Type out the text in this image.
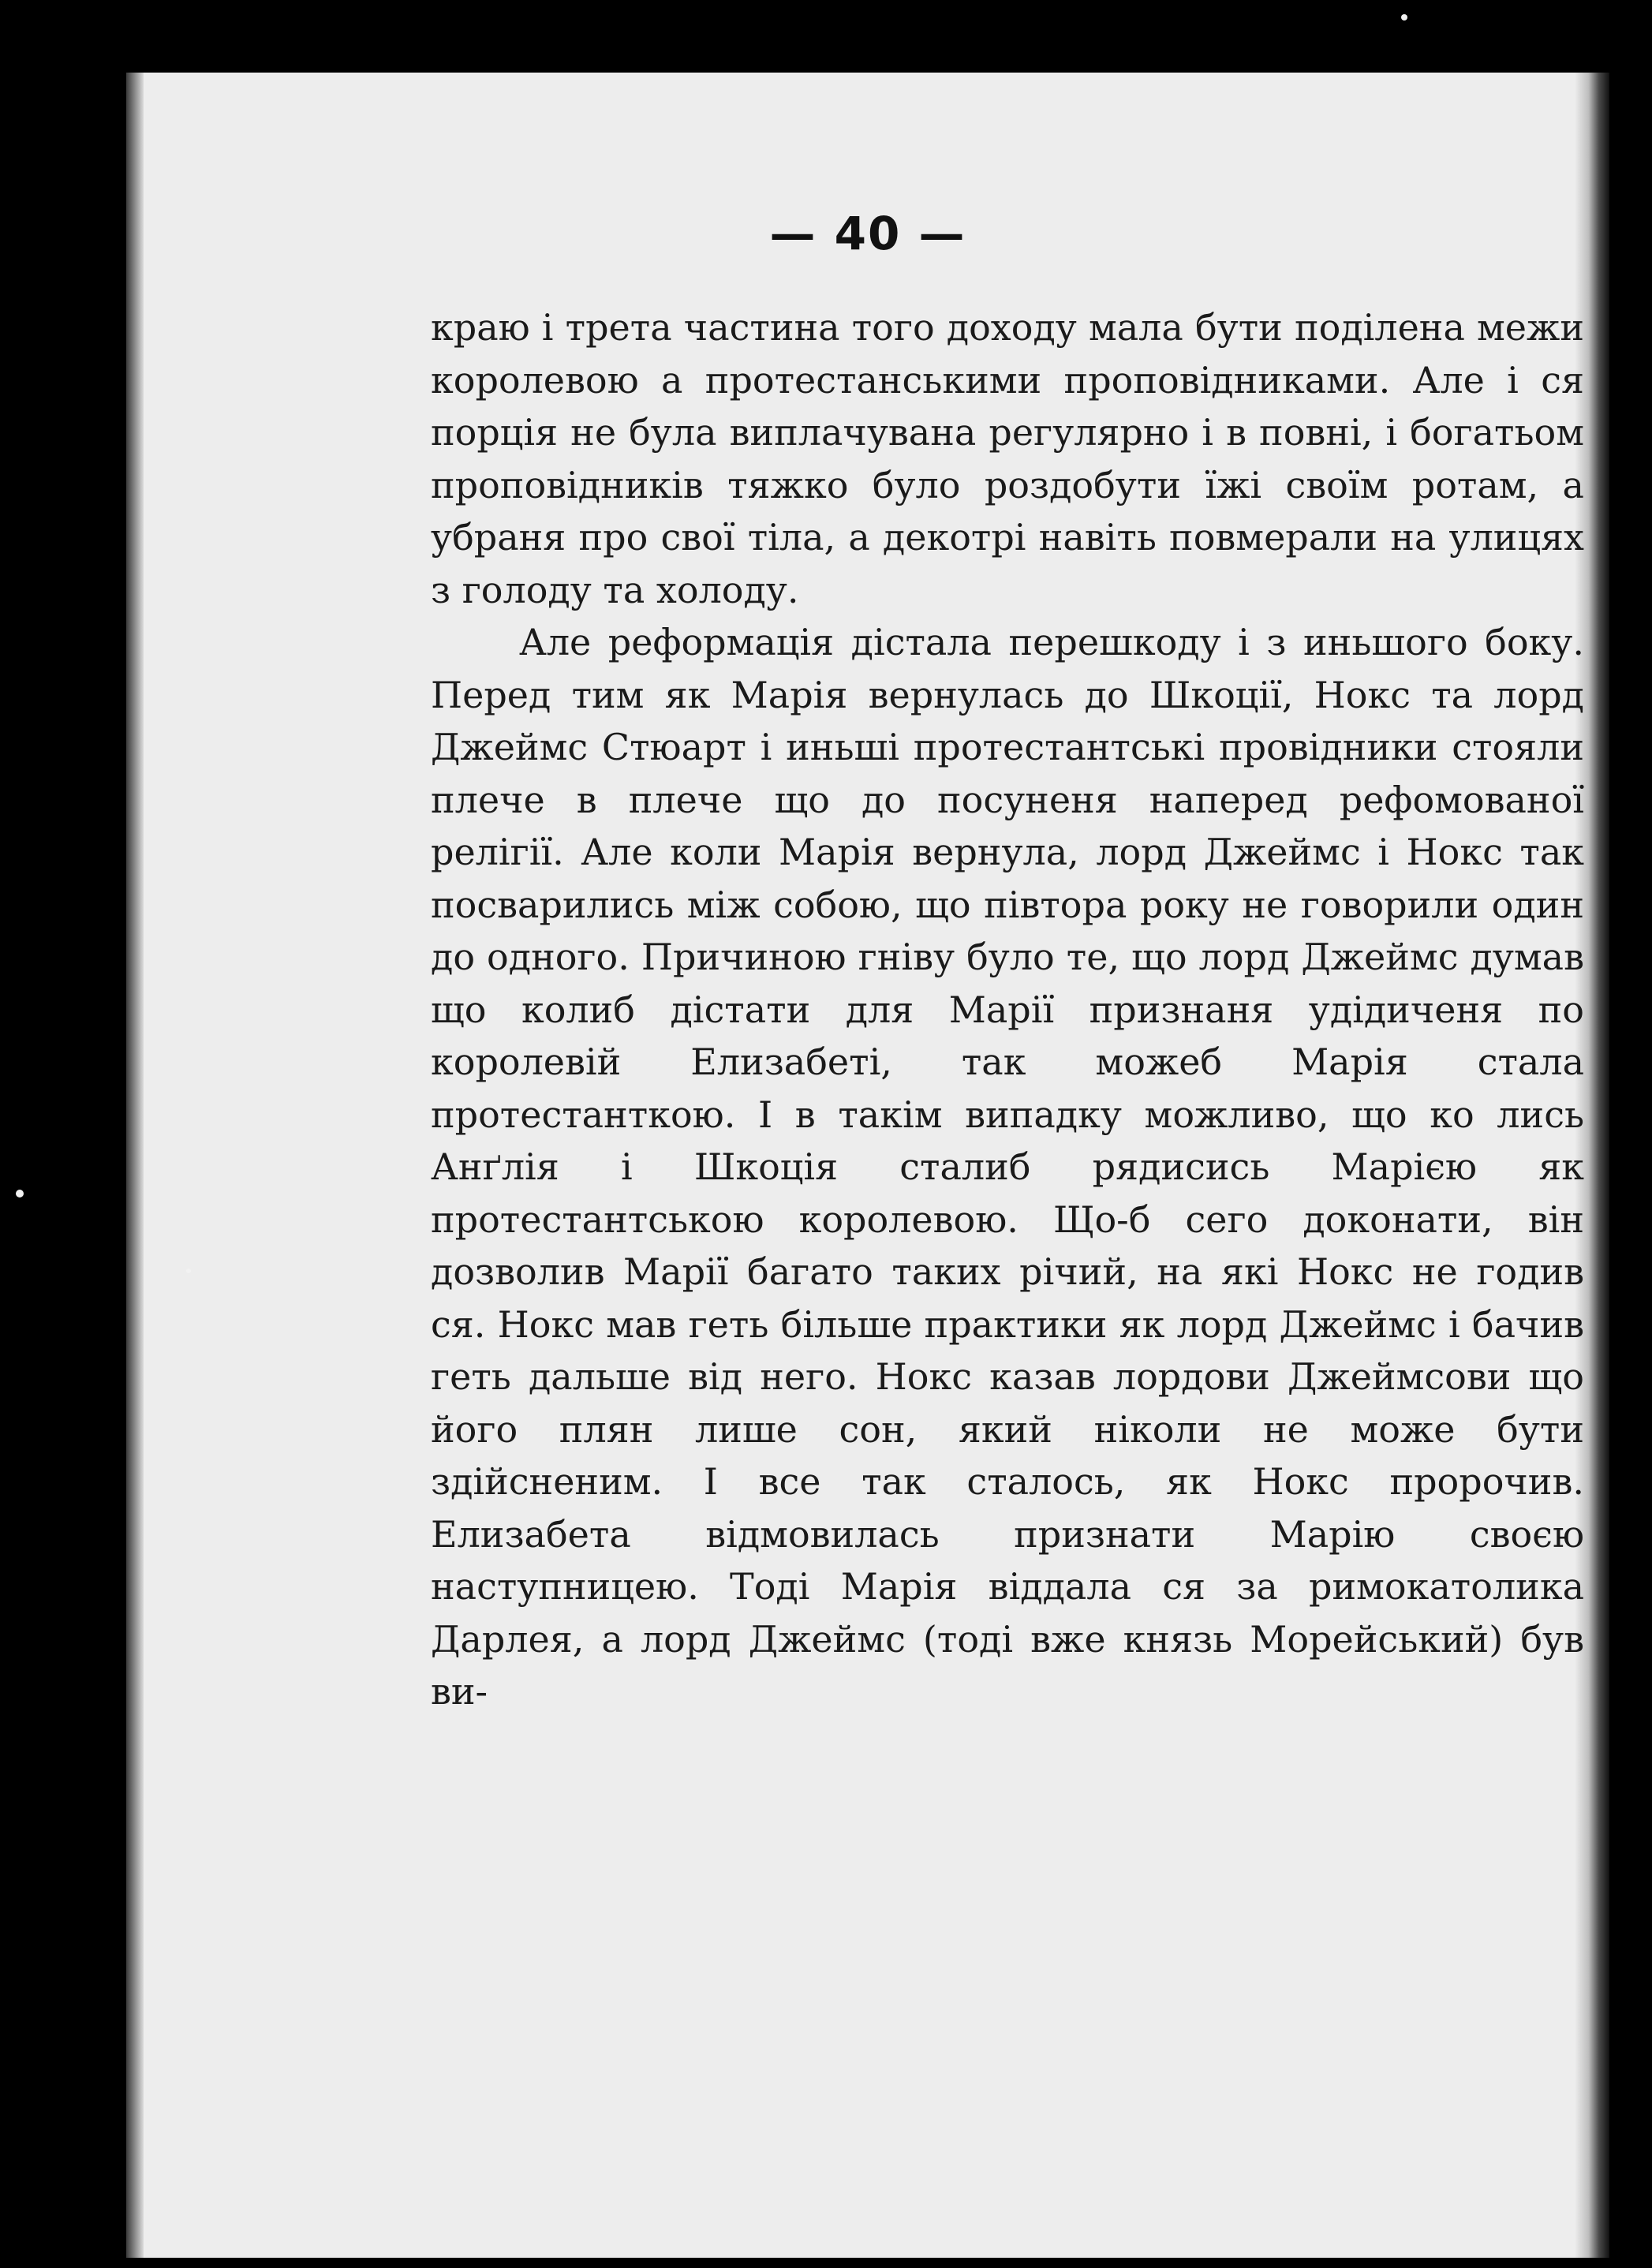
— 40 —

краю і трета частина того доходу мала бути поділена межи королевою а протестанськими проповідниками. Але і ся порція не була виплачувана регулярно і в повні, і богатьом проповідників тяжко було роздобути їжі своїм ротам, а убраня про свої тіла, а декотрі навіть повмерали на улицях з голоду та холоду.

Але реформація дістала перешкоду і з иньшого боку. Перед тим як Марія вернулась до Шкоції, Нокс та лорд Джеймс Стюарт і иньші протестантські провідники стояли плече в плече що до посуненя наперед рефомованої релігії. Але коли Марія вернула, лорд Джеймс і Нокс так посварились між собою, що півтора року не говорили один до одного. Причиною гніву було те, що лорд Джеймс думав що колиб дістати для Марії признаня удідиченя по королевій Елизабеті, так можеб Марія стала протестанткою. І в такім випадку можливо, що ко лись Анґлія і Шкоція сталиб рядисись Марією як протестантською королевою. Що-б сего доконати, він дозволив Марії багато таких річий, на які Нокс не годив ся. Нокс мав геть більше практики як лорд Джеймс і бачив геть дальше від него. Нокс казав лордови Джеймсови що його плян лише сон, який ніколи не може бути здійсненим. І все так сталось, як Нокс пророчив. Елизабета відмовилась признати Марію своєю наступницею. Тоді Марія віддала ся за римокатолика Дарлея, а лорд Джеймс (тоді вже князь Морейський) був ви-
